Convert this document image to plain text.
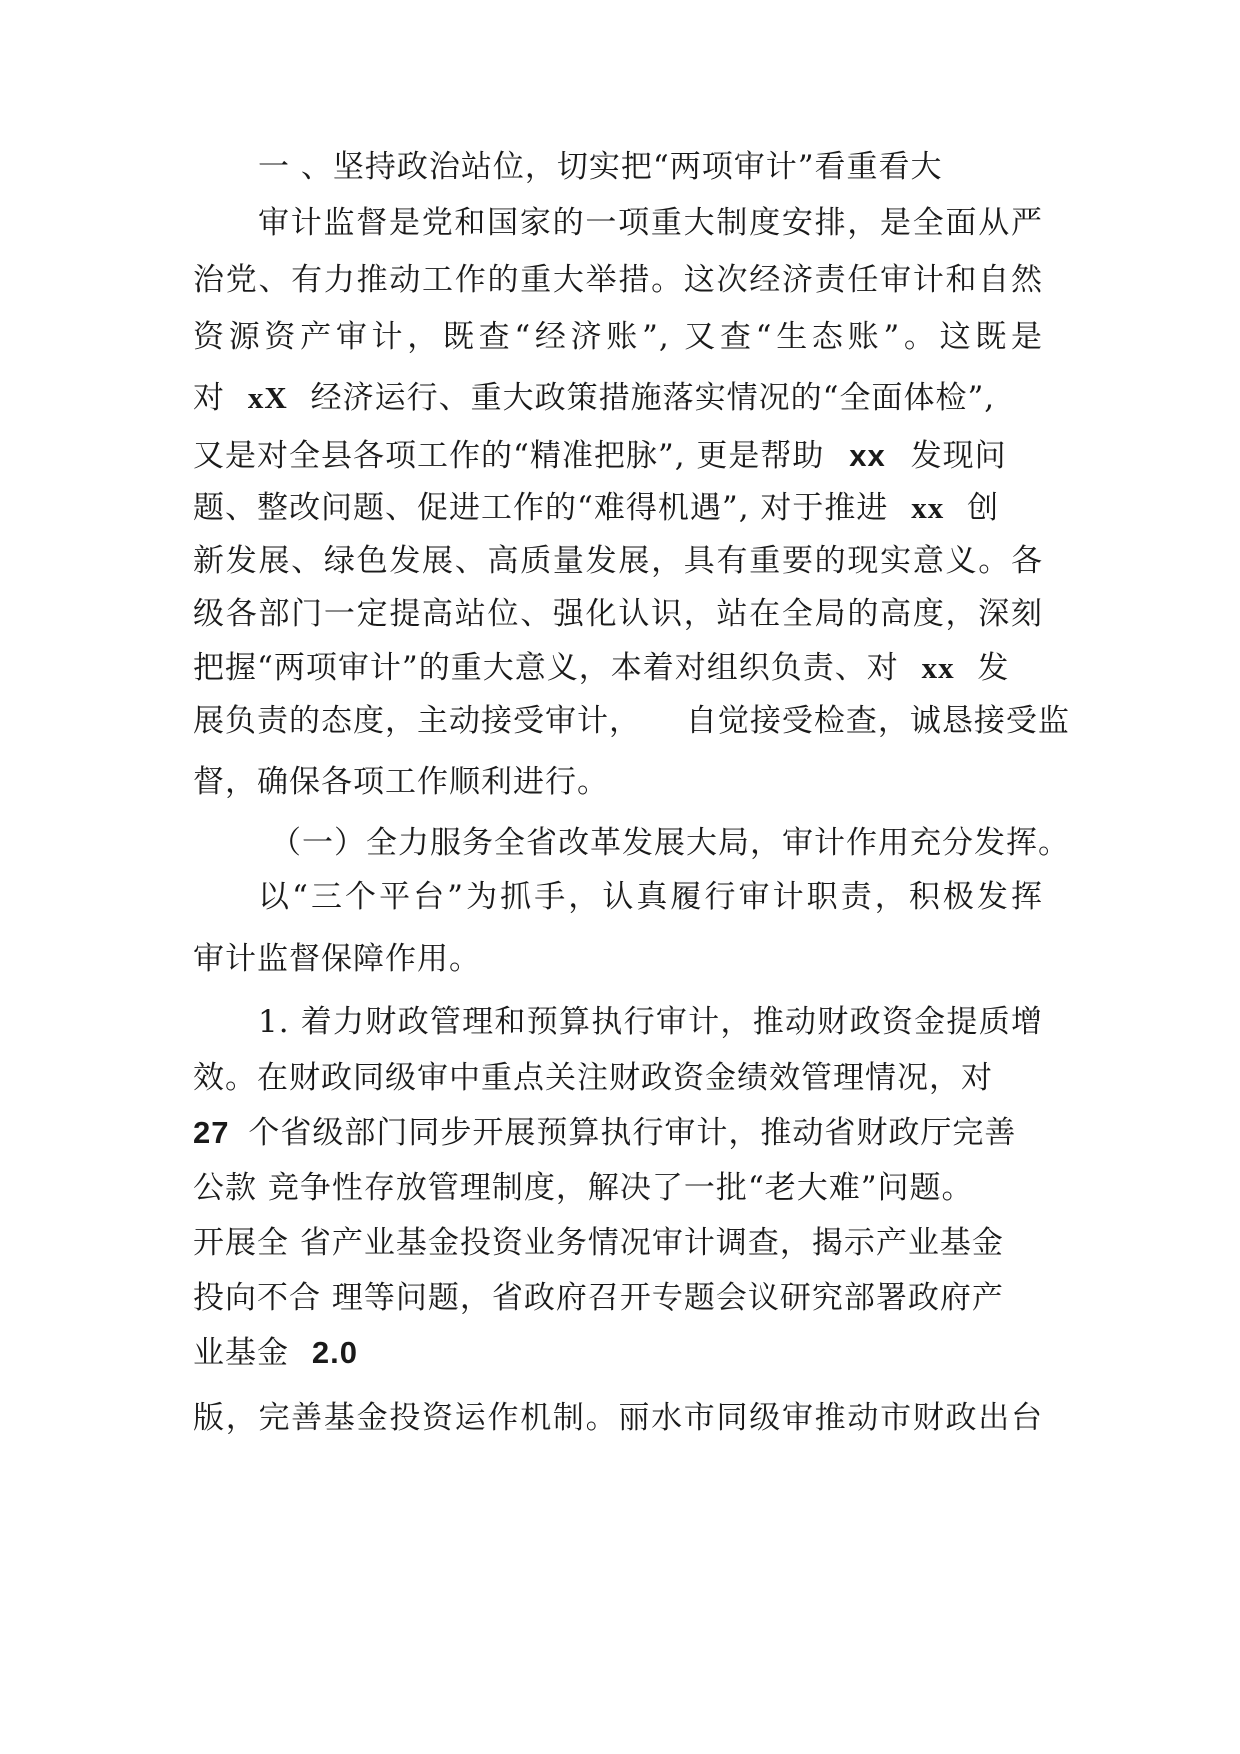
一 、坚持政治站位，切实把“两项审计”看重看大
审计监督是党和国家的一项重大制度安排，是全面从严
治党、有力推动工作的重大举措。这次经济责任审计和自然
资源资产审计，既查“经济账”, 又查“生态账”。这既是
对 xX 经济运行、重大政策措施落实情况的“全面体检”,
又是对全县各项工作的“精准把脉”, 更是帮助 xx 发现问
题、整改问题、促进工作的“难得机遇”, 对于推进 xx 创
新发展、绿色发展、高质量发展，具有重要的现实意义。各
级各部门一定提高站位、强化认识，站在全局的高度，深刻
把握“两项审计”的重大意义，本着对组织负责、对 xx 发
展负责的态度，主动接受审计， 自觉接受检查，诚恳接受监
督，确保各项工作顺利进行。
（一）全力服务全省改革发展大局，审计作用充分发挥。
以“三个平台”为抓手，认真履行审计职责，积极发挥
审计监督保障作用。
1. 着力财政管理和预算执行审计，推动财政资金提质增
效。在财政同级审中重点关注财政资金绩效管理情况，对
27 个省级部门同步开展预算执行审计，推动省财政厅完善
公款 竞争性存放管理制度，解决了一批“老大难”问题。
开展全 省产业基金投资业务情况审计调查，揭示产业基金
投向不合 理等问题，省政府召开专题会议研究部署政府产
业基金 2.0
版，完善基金投资运作机制。丽水市同级审推动市财政出台
